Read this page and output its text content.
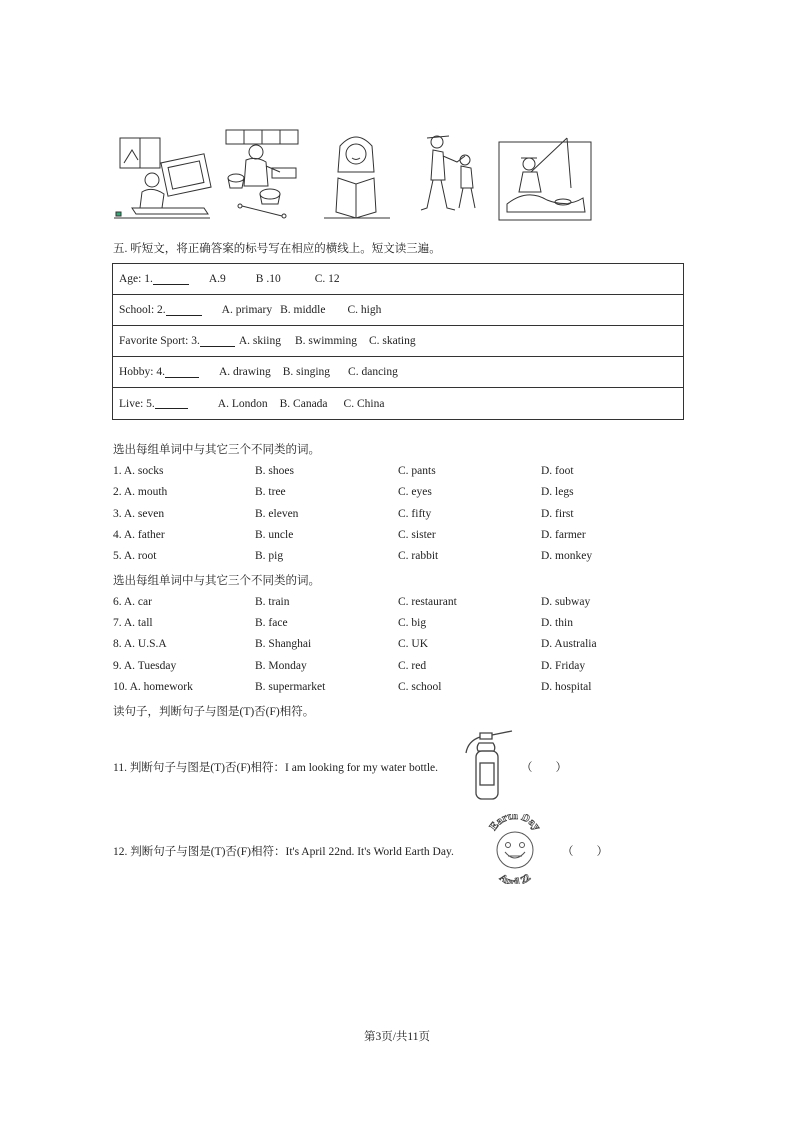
五. 听短文，将正确答案的标号写在相应的横线上。短文读三遍。
Age: 1.	A.9	B .10	C. 12
School: 2.	A. primary B. middle C. high
Favorite Sport: 3.	A. skiing B. swimming C. skating
Hobby: 4.	A. drawing B. singing C. dancing
Live: 5.	A. London B. Canada C. China
选出每组单词中与其它三个不同类的词。
1. A. socks	B. shoes	C. pants	D. foot
2. A. mouth	B. tree	C. eyes	D. legs
3. A. seven	B. eleven	C. fifty	D. first
4. A. father	B. uncle	C. sister	D. farmer
5. A. root	B. pig	C. rabbit	D. monkey
选出每组单词中与其它三个不同类的词。
6. A. car	B. train	C. restaurant	D. subway
7. A. tall	B. face	C. big	D. thin
8. A. U.S.A	B. Shanghai	C. UK	D. Australia
9. A. Tuesday	B. Monday	C. red	D. Friday
10. A. homework	B. supermarket	C. school	D. hospital
读句子，判断句子与图是(T)否(F)相符。
11. 判断句子与图是(T)否(F)相符：I am looking for my water bottle.	（　　）
12. 判断句子与图是(T)否(F)相符：It's April 22nd. It's World Earth Day.
Earth Day
April 22
（　　）
第3页/共11页
